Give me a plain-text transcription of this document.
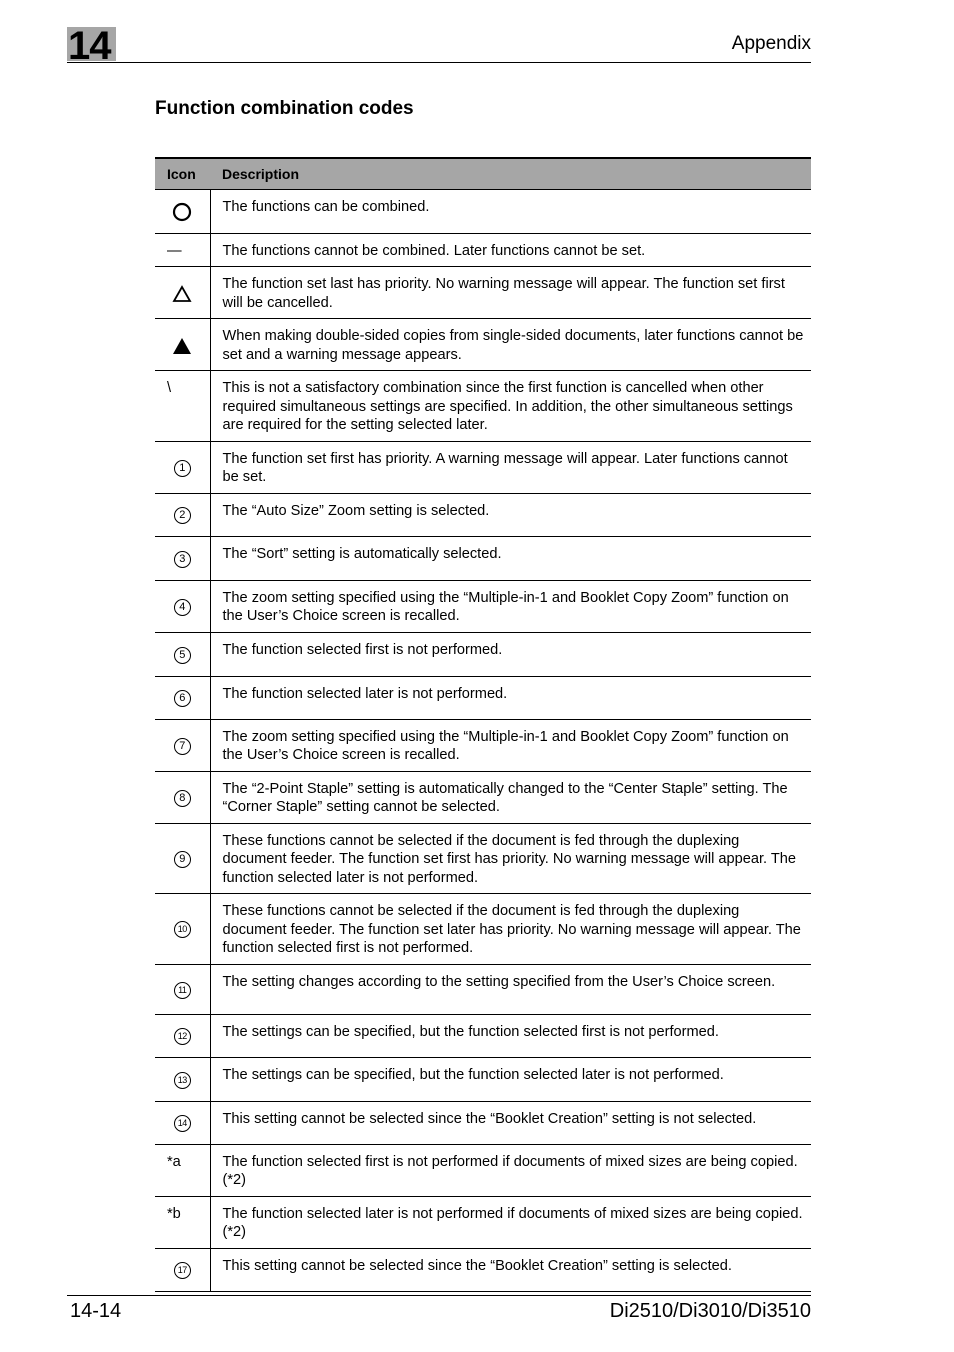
14	Appendix
Function combination codes
Icon	Description

	The functions can be combined.

—	The functions cannot be combined. Later functions cannot be set.

	The function set last has priority. No warning message will appear. The function set first will be cancelled.

	When making double-sided copies from single-sided documents, later functions cannot be set and a warning message appears.

\	This is not a satisfactory combination since the first function is cancelled when other required simultaneous settings are specified. In addition, the other simultaneous settings are required for the setting selected later.

1	The function set first has priority. A warning message will appear. Later functions cannot be set.

2	The “Auto Size” Zoom setting is selected.

3	The “Sort” setting is automatically selected.

4	The zoom setting specified using the “Multiple-in-1 and Booklet Copy Zoom” function on the User’s Choice screen is recalled.

5	The function selected first is not performed.

6	The function selected later is not performed.

7	The zoom setting specified using the “Multiple-in-1 and Booklet Copy Zoom” function on the User’s Choice screen is recalled.

8	The “2-Point Staple” setting is automatically changed to the “Center Staple” setting. The “Corner Staple” setting cannot be selected.

9	These functions cannot be selected if the document is fed through the duplexing document feeder. The function set first has priority. No warning message will appear. The function selected later is not performed.

10	These functions cannot be selected if the document is fed through the duplexing document feeder. The function set later has priority. No warning message will appear. The function selected first is not performed.

11	The setting changes according to the setting specified from the User’s Choice screen.

12	The settings can be specified, but the function selected first is not performed.

13	The settings can be specified, but the function selected later is not performed.

14	This setting cannot be selected since the “Booklet Creation” setting is not selected.

*a	The function selected first is not performed if documents of mixed sizes are being copied. (*2)

*b	The function selected later is not performed if documents of mixed sizes are being copied. (*2)

17	This setting cannot be selected since the “Booklet Creation” setting is selected.
14-14	Di2510/Di3010/Di3510
